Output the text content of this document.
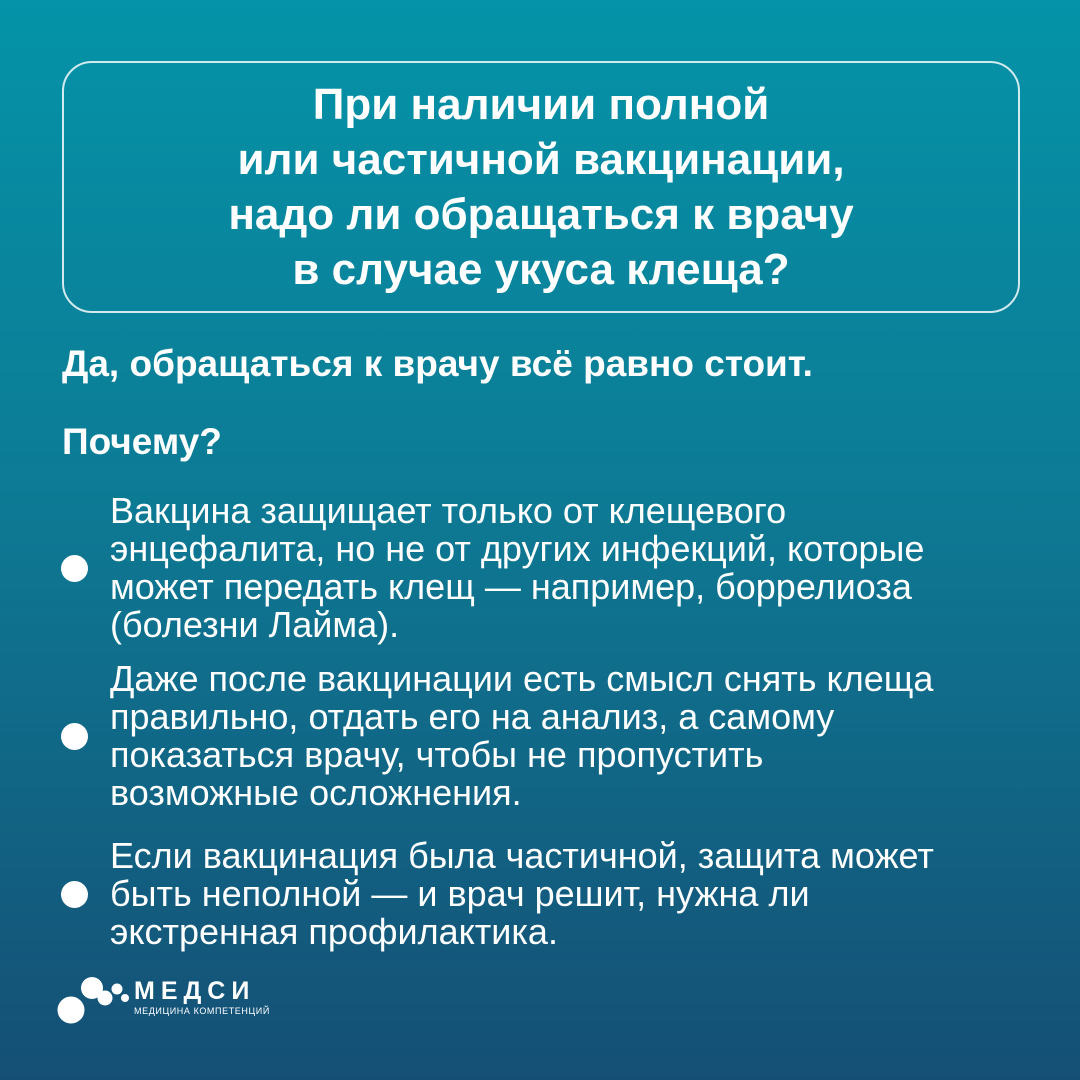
При наличии полной
или частичной вакцинации,
надо ли обращаться к врачу
в случае укуса клеща?
Да, обращаться к врачу всё равно стоит.
Почему?
Вакцина защищает только от клещевого
энцефалита, но не от других инфекций, которые
может передать клещ — например, боррелиоза
(болезни Лайма).
Даже после вакцинации есть смысл снять клеща
правильно, отдать его на анализ, а самому
показаться врачу, чтобы не пропустить
возможные осложнения.
Если вакцинация была частичной, защита может
быть неполной — и врач решит, нужна ли
экстренная профилактика.
МЕДСИ
МЕДИЦИНА КОМПЕТЕНЦИЙ
